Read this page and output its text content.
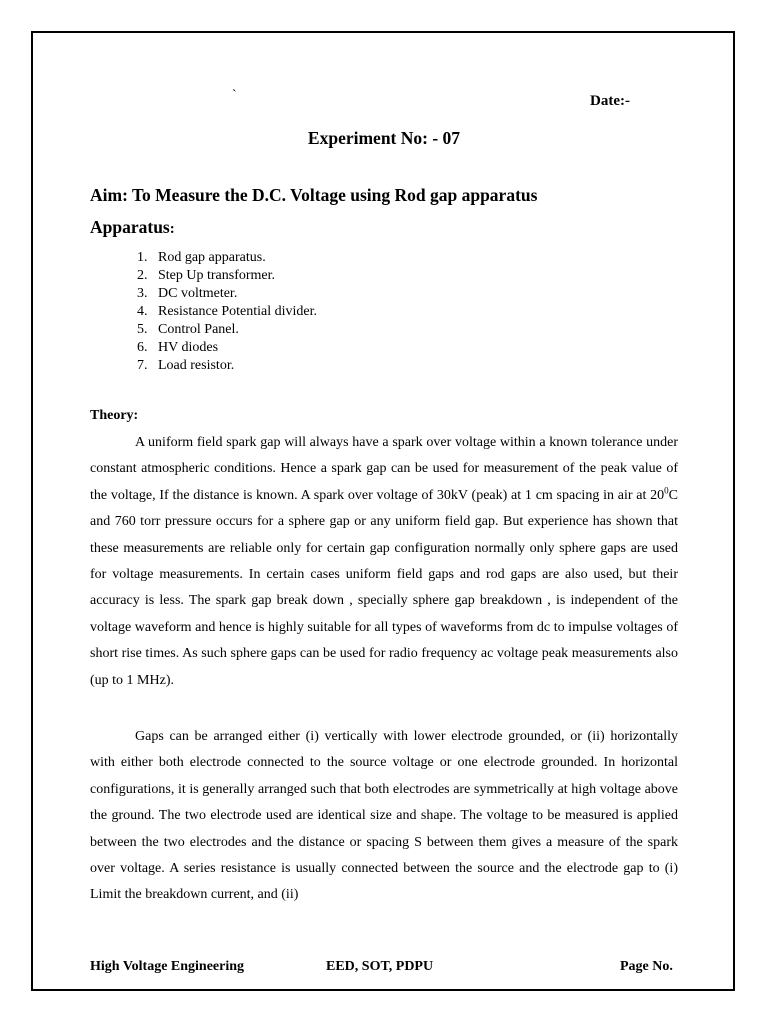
`	Date:-
Experiment No: - 07
Aim: To Measure the D.C. Voltage using Rod gap apparatus
Apparatus:
1. Rod gap apparatus.
2. Step Up transformer.
3. DC voltmeter.
4. Resistance Potential divider.
5. Control Panel.
6. HV diodes
7. Load resistor.
Theory:

A uniform field spark gap will always have a spark over voltage within a known tolerance under constant atmospheric conditions. Hence a spark gap can be used for measurement of the peak value of the voltage, If the distance is known. A spark over voltage of 30kV (peak) at 1 cm spacing in air at $20^0C$ and 760 torr pressure occurs for a sphere gap or any uniform field gap. But experience has shown that these measurements are reliable only for certain gap configuration normally only sphere gaps are used for voltage measurements. In certain cases uniform field gaps and rod gaps are also used, but their accuracy is less. The spark gap break down , specially sphere gap breakdown , is independent of the voltage waveform and hence is highly suitable for all types of waveforms from dc to impulse voltages of short rise times. As such sphere gaps can be used for radio frequency ac voltage peak measurements also (up to 1 MHz).

Gaps can be arranged either (i) vertically with lower electrode grounded, or (ii) horizontally with either both electrode connected to the source voltage or one electrode grounded. In horizontal configurations, it is generally arranged such that both electrodes are symmetrically at high voltage above the ground. The two electrode used are identical size and shape. The voltage to be measured is applied between the two electrodes and the distance or spacing S between them gives a measure of the spark over voltage. A series resistance is usually connected between the source and the electrode gap to (i) Limit the breakdown current, and (ii)

High Voltage Engineering	EED, SOT, PDPU	Page No.
